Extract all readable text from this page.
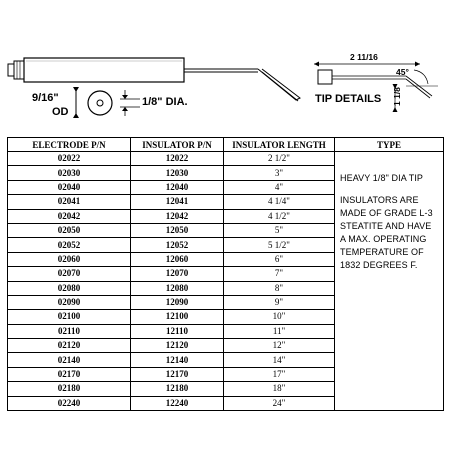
9/16"
OD
1/8" DIA.
2 11/16
45°
1 1/8
TIP DETAILS
ELECTRODE P/N	INSULATOR P/N	INSULATOR LENGTH	TYPE
02022	12022	2 1/2"	HEAVY 1/8" DIA TIP

INSULATORS ARE MADE OF GRADE L-3 STEATITE AND HAVE A MAX. OPERATING TEMPERATURE OF 1832 DEGREES F.

02030	12030	3"	
02040	12040	4"	
02041	12041	4 1/4"	
02042	12042	4 1/2"	
02050	12050	5"	
02052	12052	5 1/2"	
02060	12060	6"	
02070	12070	7"	
02080	12080	8"	
02090	12090	9"	
02100	12100	10"	
02110	12110	11"	
02120	12120	12"	
02140	12140	14"	
02170	12170	17"	
02180	12180	18"	
02240	12240	24"	
